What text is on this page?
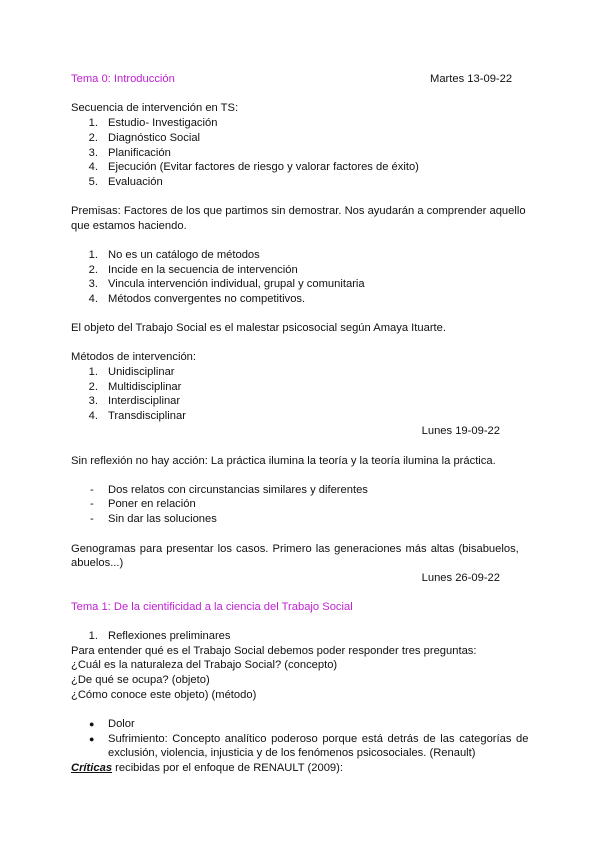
Tema 0: Introducción	Martes 13-09-22
Secuencia de intervención en TS:
1. Estudio- Investigación
2. Diagnóstico Social
3. Planificación
4. Ejecución (Evitar factores de riesgo y valorar factores de éxito)
5. Evaluación
Premisas: Factores de los que partimos sin demostrar. Nos ayudarán a comprender aquello
que estamos haciendo.
1. No es un catálogo de métodos
2. Incide en la secuencia de intervención
3. Vincula intervención individual, grupal y comunitaria
4. Métodos convergentes no competitivos.
El objeto del Trabajo Social es el malestar psicosocial según Amaya Ituarte.
Métodos de intervención:
1. Unidisciplinar
2. Multidisciplinar
3. Interdisciplinar
4. Transdisciplinar
Lunes 19-09-22
Sin reflexión no hay acción: La práctica ilumina la teoría y la teoría ilumina la práctica.
- Dos relatos con circunstancias similares y diferentes
- Poner en relación
- Sin dar las soluciones
Genogramas para presentar los casos. Primero las generaciones más altas (bisabuelos,
abuelos...)
Lunes 26-09-22
Tema 1: De la cientificidad a la ciencia del Trabajo Social
1. Reflexiones preliminares
Para entender qué es el Trabajo Social debemos poder responder tres preguntas:
¿Cuál es la naturaleza del Trabajo Social? (concepto)
¿De qué se ocupa? (objeto)
¿Cómo conoce este objeto) (método)
● Dolor
● Sufrimiento: Concepto analítico poderoso porque está detrás de las categorías de
exclusión, violencia, injusticia y de los fenómenos psicosociales. (Renault)
Críticas recibidas por el enfoque de RENAULT (2009):
